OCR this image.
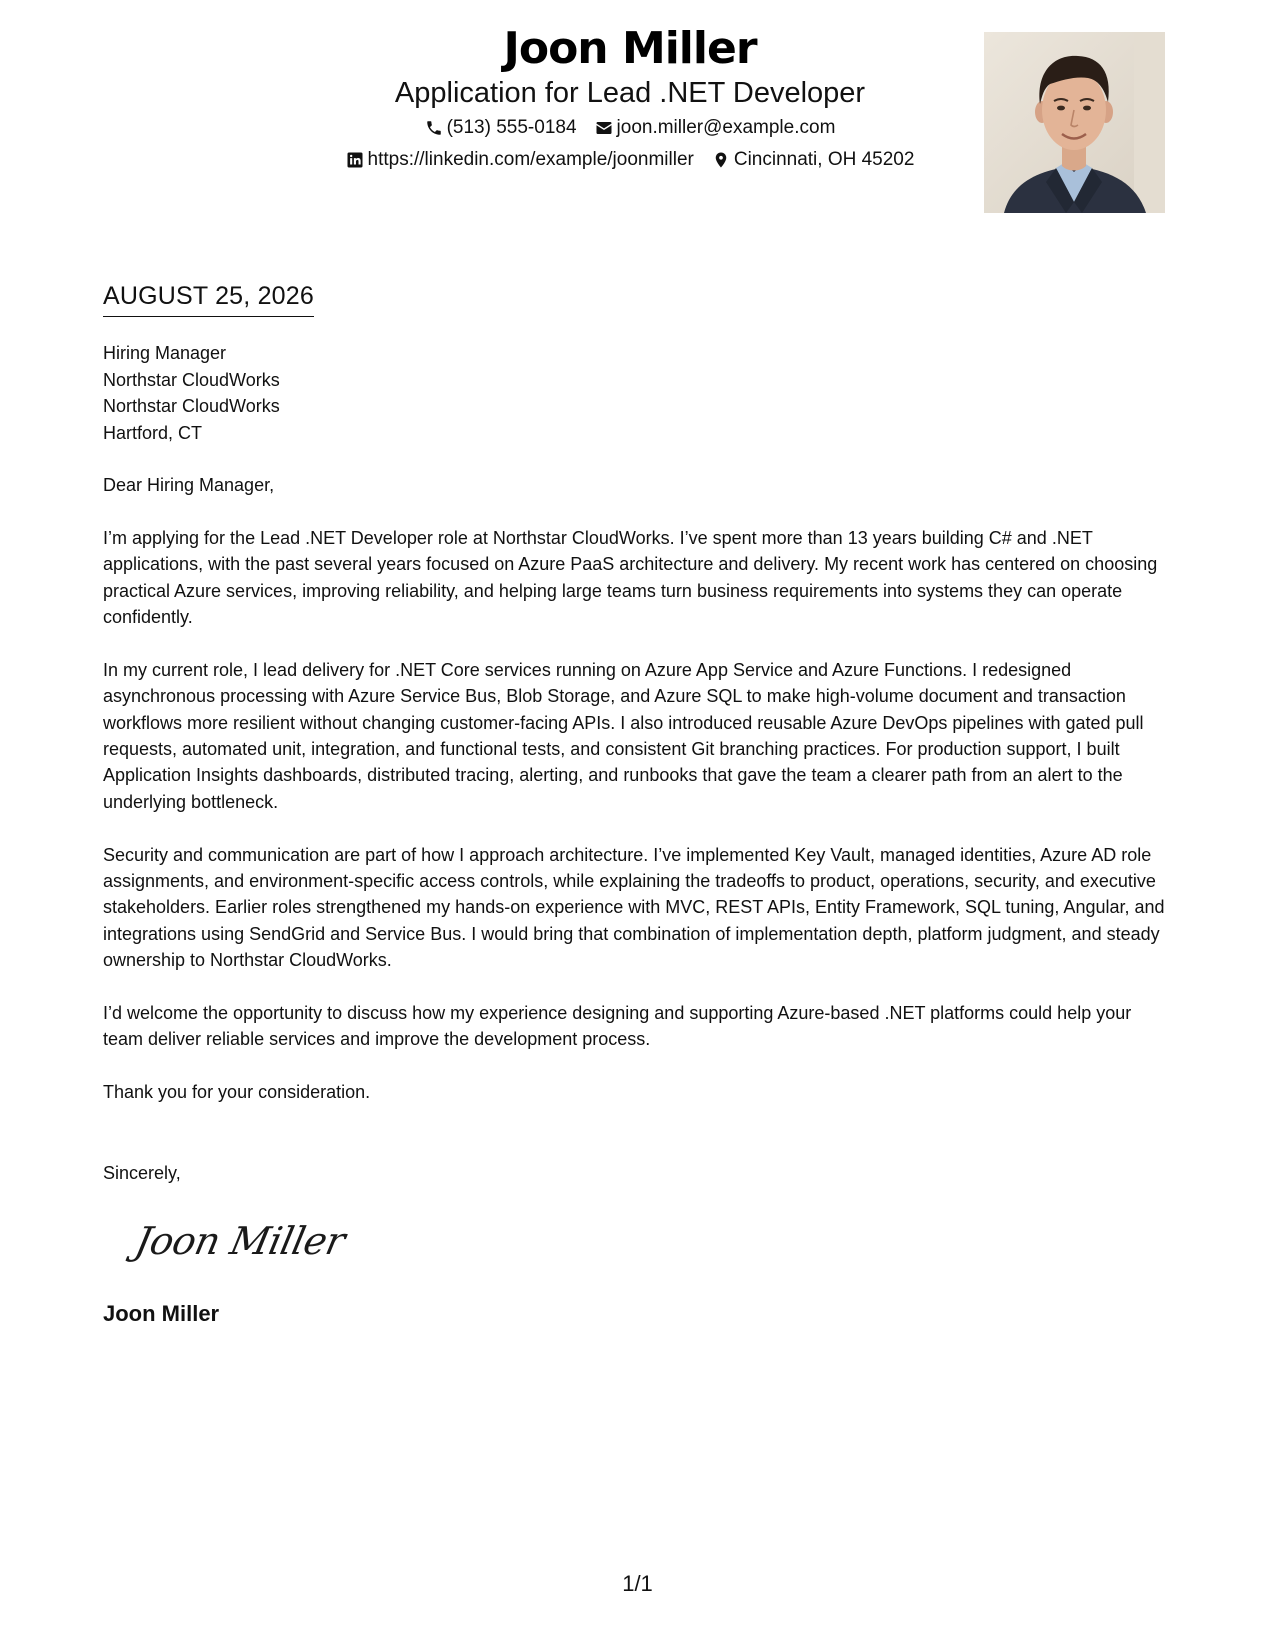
Joon Miller
Application for Lead .NET Developer
(513) 555-0184 joon.miller@example.com
https://linkedin.com/example/joonmiller Cincinnati, OH 45202
AUGUST 25, 2026
Hiring Manager
Northstar CloudWorks
Northstar CloudWorks
Hartford, CT

Dear Hiring Manager,

I’m applying for the Lead .NET Developer role at Northstar CloudWorks. I’ve spent more than 13 years building C# and .NET applications, with the past several years focused on Azure PaaS architecture and delivery. My recent work has centered on choosing practical Azure services, improving reliability, and helping large teams turn business requirements into systems they can operate confidently.

In my current role, I lead delivery for .NET Core services running on Azure App Service and Azure Functions. I redesigned asynchronous processing with Azure Service Bus, Blob Storage, and Azure SQL to make high-volume document and transaction workflows more resilient without changing customer-facing APIs. I also introduced reusable Azure DevOps pipelines with gated pull requests, automated unit, integration, and functional tests, and consistent Git branching practices. For production support, I built Application Insights dashboards, distributed tracing, alerting, and runbooks that gave the team a clearer path from an alert to the underlying bottleneck.

Security and communication are part of how I approach architecture. I’ve implemented Key Vault, managed identities, Azure AD role assignments, and environment-specific access controls, while explaining the tradeoffs to product, operations, security, and executive stakeholders. Earlier roles strengthened my hands-on experience with MVC, REST APIs, Entity Framework, SQL tuning, Angular, and integrations using SendGrid and Service Bus. I would bring that combination of implementation depth, platform judgment, and steady ownership to Northstar CloudWorks.

I’d welcome the opportunity to discuss how my experience designing and supporting Azure-based .NET platforms could help your team deliver reliable services and improve the development process.

Thank you for your consideration.

Sincerely,
Joon Miller
Joon Miller
1/1
